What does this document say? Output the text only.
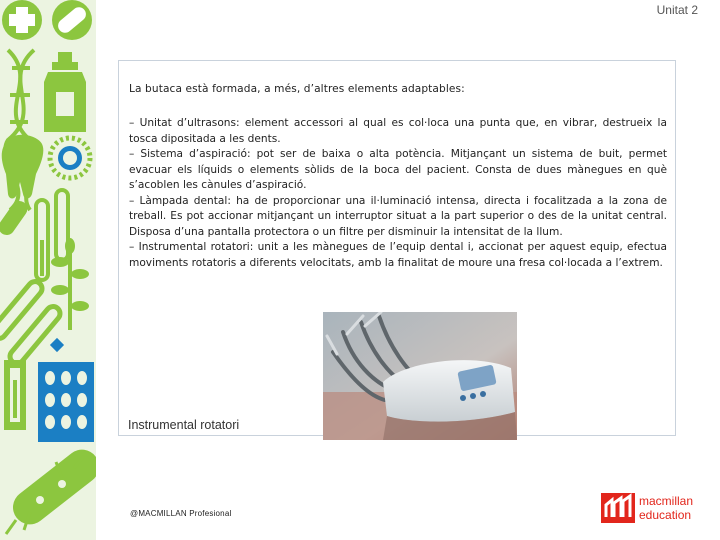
Unitat 2
La butaca està formada, a més, d’altres elements adaptables:

– Unitat d’ultrasons: element accessori al qual es col·loca una punta que, en vibrar, destrueix la tosca dipositada a les dents.

– Sistema d’aspiració: pot ser de baixa o alta potència. Mitjançant un sistema de buit, permet evacuar els líquids o elements sòlids de la boca del pacient. Consta de dues mànegues en què s’acoblen les cànules d’aspiració.

– Làmpada dental: ha de proporcionar una il·luminació intensa, directa i focalitzada a la zona de treball. Es pot accionar mitjançant un interruptor situat a la part superior o des de la unitat central. Disposa d’una pantalla protectora o un filtre per disminuir la intensitat de la llum.

– Instrumental rotatori: unit a les mànegues de l’equip dental i, accionat per aquest equip, efectua moviments rotatoris a diferents velocitats, amb la finalitat de moure una fresa col·locada a l’extrem.

Instrumental rotatori
@MACMILLAN Profesional
macmillan
education
